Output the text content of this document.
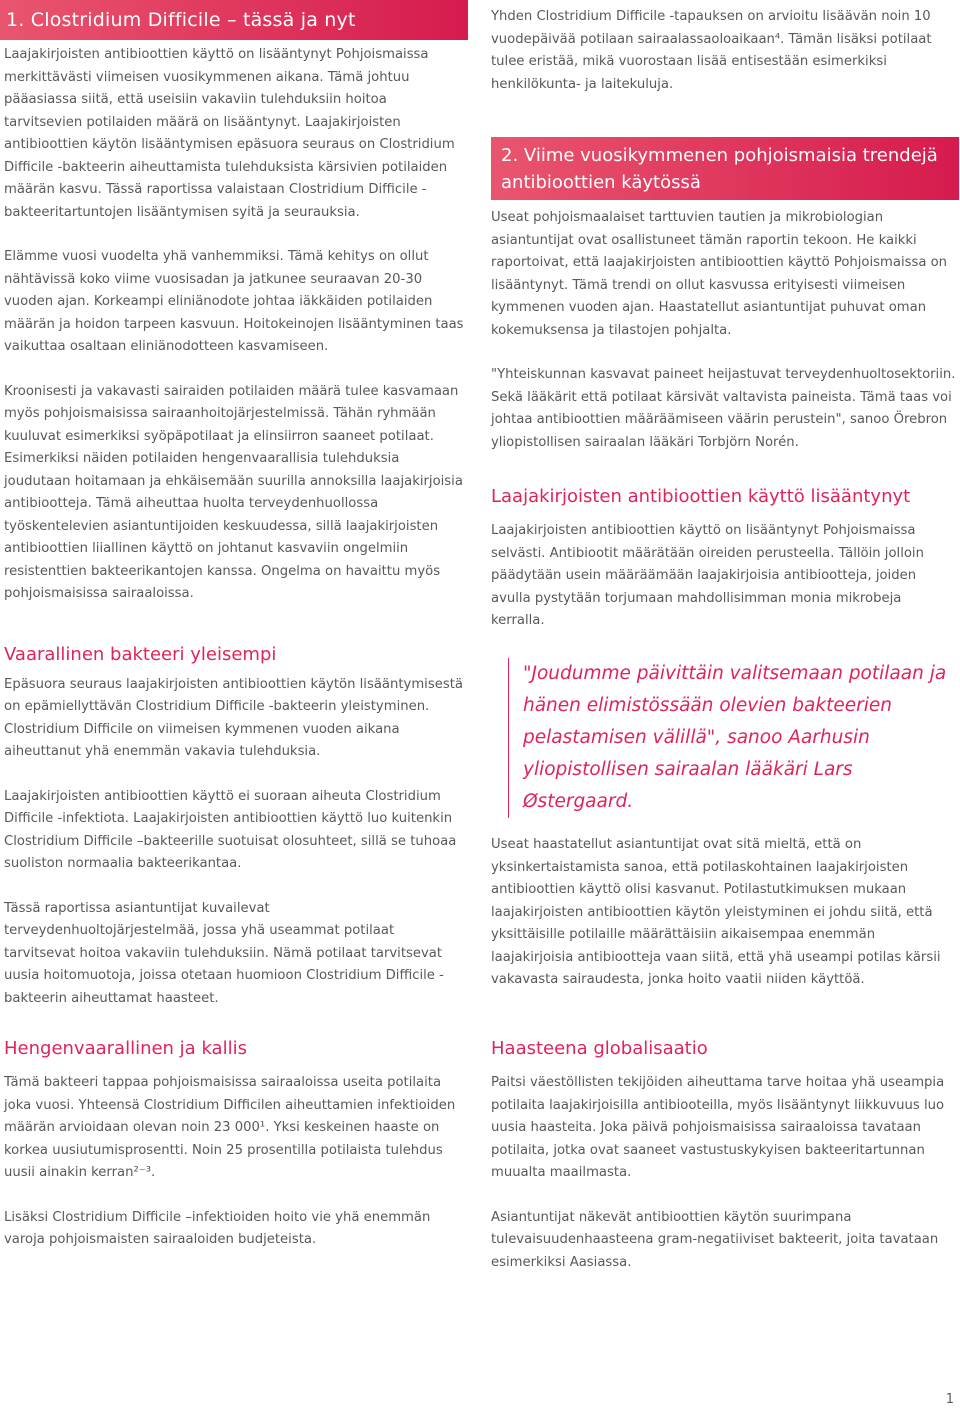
1. Clostridium Difficile – tässä ja nyt

Laajakirjoisten antibioottien käyttö on lisääntynyt Pohjoismaissa merkittävästi viimeisen vuosikymmenen aikana. Tämä johtuu pääasiassa siitä, että useisiin vakaviin tulehduksiin hoitoa tarvitsevien potilaiden määrä on lisääntynyt. Laajakirjoisten antibioottien käytön lisääntymisen epäsuora seuraus on Clostridium Difficile -bakteerin aiheuttamista tulehduksista kärsivien potilaiden määrän kasvu. Tässä raportissa valaistaan Clostridium Difficile -bakteeritartuntojen lisääntymisen syitä ja seurauksia.

Elämme vuosi vuodelta yhä vanhemmiksi. Tämä kehitys on ollut nähtävissä koko viime vuosisadan ja jatkunee seuraavan 20-30 vuoden ajan. Korkeampi eliniänodote johtaa iäkkäiden potilaiden määrän ja hoidon tarpeen kasvuun. Hoitokeinojen lisääntyminen taas vaikuttaa osaltaan eliniänodotteen kasvamiseen.

Kroonisesti ja vakavasti sairaiden potilaiden määrä tulee kasvamaan myös pohjoismaisissa sairaanhoitojärjestelmissä. Tähän ryhmään kuuluvat esimerkiksi syöpäpotilaat ja elinsiirron saaneet potilaat. Esimerkiksi näiden potilaiden hengenvaarallisia tulehduksia joudutaan hoitamaan ja ehkäisemään suurilla annoksilla laajakirjoisia antibiootteja. Tämä aiheuttaa huolta terveydenhuollossa työskentelevien asiantuntijoiden keskuudessa, sillä laajakirjoisten antibioottien liiallinen käyttö on johtanut kasvaviin ongelmiin resistenttien bakteerikantojen kanssa. Ongelma on havaittu myös pohjoismaisissa sairaaloissa.

Vaarallinen bakteeri yleisempi

Epäsuora seuraus laajakirjoisten antibioottien käytön lisääntymisestä on epämiellyttävän Clostridium Difficile -bakteerin yleistyminen. Clostridium Difficile on viimeisen kymmenen vuoden aikana aiheuttanut yhä enemmän vakavia tulehduksia.

Laajakirjoisten antibioottien käyttö ei suoraan aiheuta Clostridium Difficile -infektiota. Laajakirjoisten antibioottien käyttö luo kuitenkin Clostridium Difficile –bakteerille suotuisat olosuhteet, sillä se tuhoaa suoliston normaalia bakteerikantaa.

Tässä raportissa asiantuntijat kuvailevat terveydenhuoltojärjestelmää, jossa yhä useammat potilaat tarvitsevat hoitoa vakaviin tulehduksiin. Nämä potilaat tarvitsevat uusia hoitomuotoja, joissa otetaan huomioon Clostridium Difficile -bakteerin aiheuttamat haasteet.

Yhden Clostridium Difficile -tapauksen on arvioitu lisäävän noin 10 vuodepäivää potilaan sairaalassaoloaikaan⁴. Tämän lisäksi potilaat tulee eristää, mikä vuorostaan lisää entisestään esimerkiksi henkilökunta- ja laitekuluja.

2. Viime vuosikymmenen pohjoismaisia trendejä antibioottien käytössä

Useat pohjoismaalaiset tarttuvien tautien ja mikrobiologian asiantuntijat ovat osallistuneet tämän raportin tekoon. He kaikki raportoivat, että laajakirjoisten antibioottien käyttö Pohjoismaissa on lisääntynyt. Tämä trendi on ollut kasvussa erityisesti viimeisen kymmenen vuoden ajan. Haastatellut asiantuntijat puhuvat oman kokemuksensa ja tilastojen pohjalta.

"Yhteiskunnan kasvavat paineet heijastuvat terveydenhuoltosektoriin. Sekä lääkärit että potilaat kärsivät valtavista paineista. Tämä taas voi johtaa antibioottien määräämiseen väärin perustein", sanoo Örebron yliopistollisen sairaalan lääkäri Torbjörn Norén.

Laajakirjoisten antibioottien käyttö lisääntynyt

Laajakirjoisten antibioottien käyttö on lisääntynyt Pohjoismaissa selvästi. Antibiootit määrätään oireiden perusteella. Tällöin jolloin päädytään usein määräämään laajakirjoisia antibiootteja, joiden avulla pystytään torjumaan mahdollisimman monia mikrobeja kerralla.

"Joudumme päivittäin valitsemaan potilaan ja hänen elimistössään olevien bakteerien pelastamisen välillä", sanoo Aarhusin yliopistollisen sairaalan lääkäri Lars Østergaard.

Useat haastatellut asiantuntijat ovat sitä mieltä, että on yksinkertaistamista sanoa, että potilaskohtainen laajakirjoisten antibioottien käyttö olisi kasvanut. Potilastutkimuksen mukaan laajakirjoisten antibioottien käytön yleistyminen ei johdu siitä, että yksittäisille potilaille määrättäisiin aikaisempaa enemmän laajakirjoisia antibiootteja vaan siitä, että yhä useampi potilas kärsii vakavasta sairaudesta, jonka hoito vaatii niiden käyttöä.

Hengenvaarallinen ja kallis

Tämä bakteeri tappaa pohjoismaisissa sairaaloissa useita potilaita joka vuosi. Yhteensä Clostridium Difficilen aiheuttamien infektioiden määrän arvioidaan olevan noin 23 000¹. Yksi keskeinen haaste on korkea uusiutumisprosentti. Noin 25 prosentilla potilaista tulehdus uusii ainakin kerran²⁻³.

Lisäksi Clostridium Difficile –infektioiden hoito vie yhä enemmän varoja pohjoismaisten sairaaloiden budjeteista.

Haasteena globalisaatio

Paitsi väestöllisten tekijöiden aiheuttama tarve hoitaa yhä useampia potilaita laajakirjoisilla antibiooteilla, myös lisääntynyt liikkuvuus luo uusia haasteita. Joka päivä pohjoismaisissa sairaaloissa tavataan potilaita, jotka ovat saaneet vastustuskykyisen bakteeritartunnan muualta maailmasta.

Asiantuntijat näkevät antibioottien käytön suurimpana tulevaisuudenhaasteena gram-negatiiviset bakteerit, joita tavataan esimerkiksi Aasiassa.

1
